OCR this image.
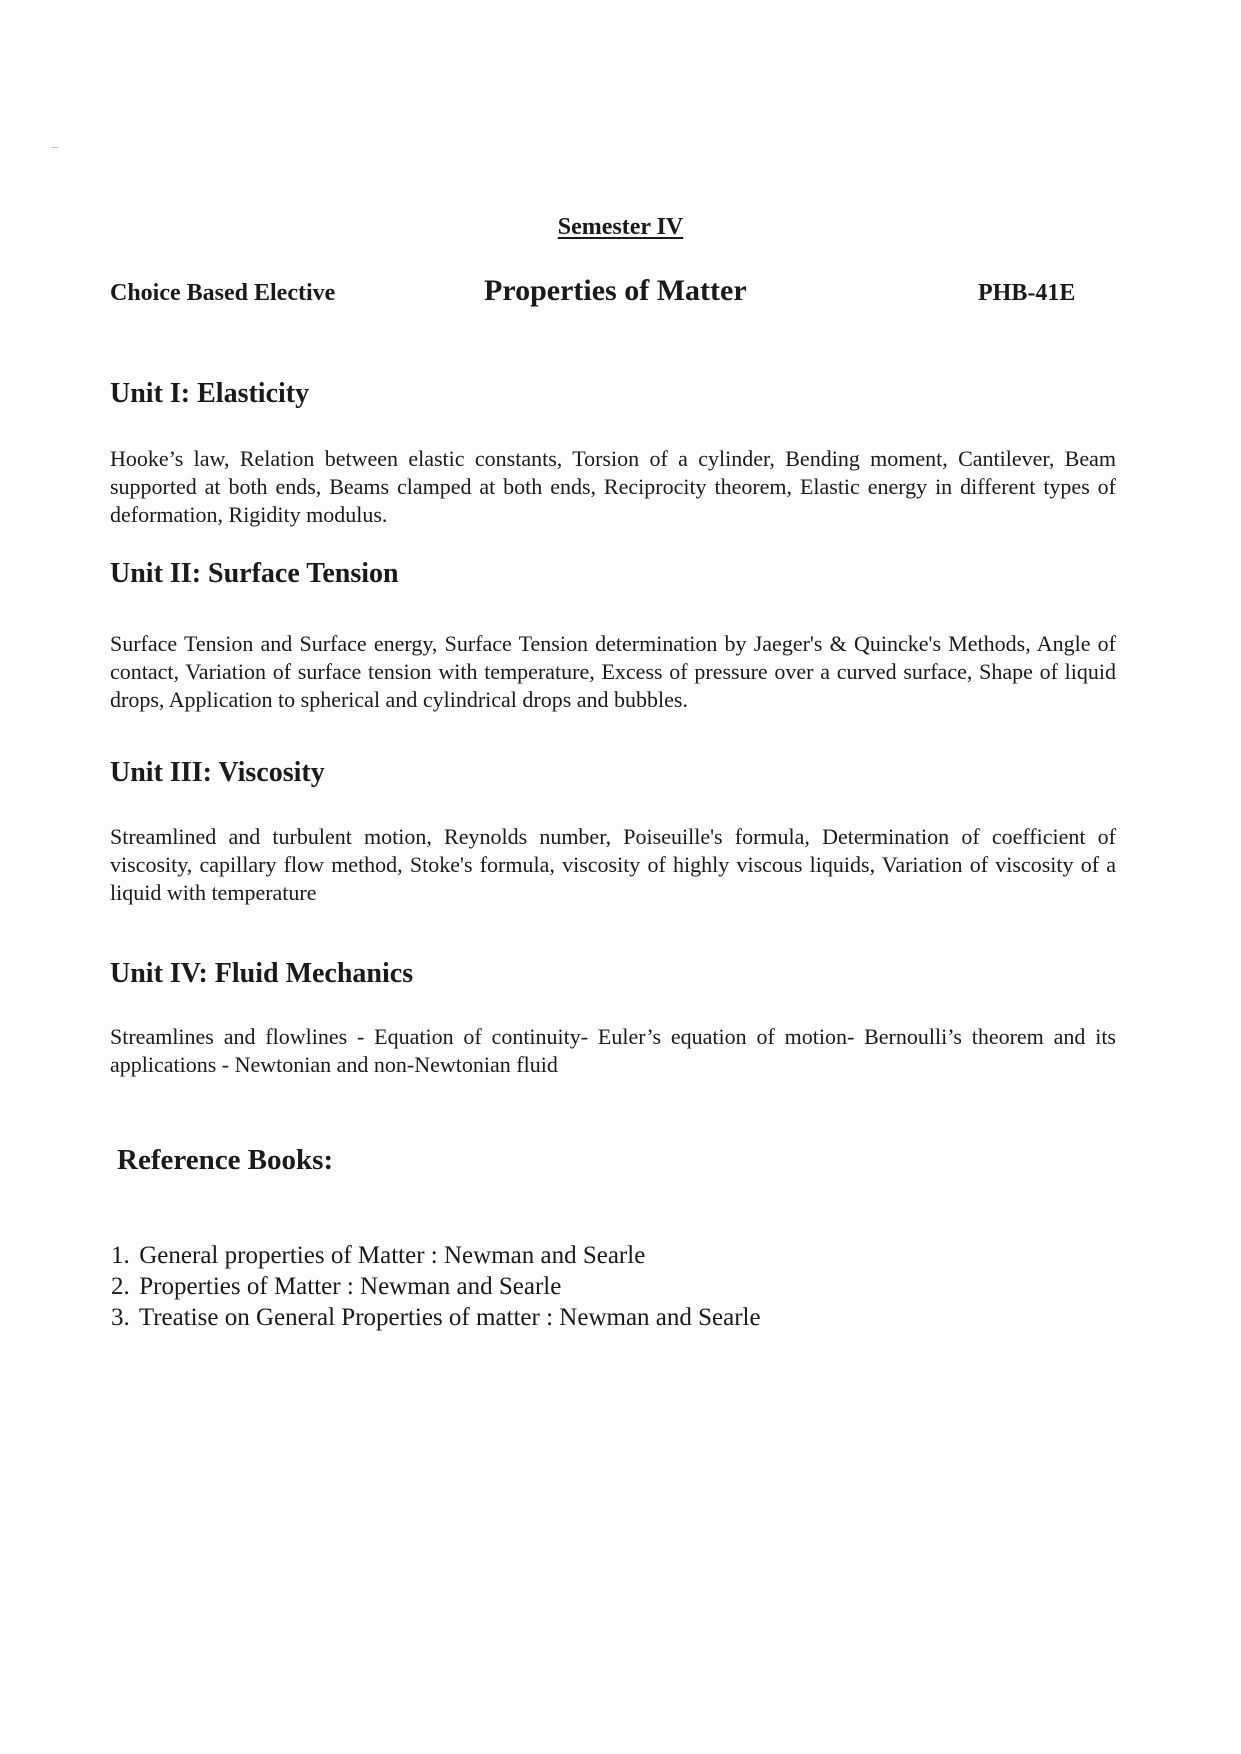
Semester IV
Choice Based Elective	Properties of Matter	PHB-41E
Unit I: Elasticity
Hooke’s law, Relation between elastic constants, Torsion of a cylinder, Bending moment, Cantilever, Beam supported at both ends, Beams clamped at both ends, Reciprocity theorem, Elastic energy in different types of deformation, Rigidity modulus.
Unit II: Surface Tension
Surface Tension and Surface energy, Surface Tension determination by Jaeger's & Quincke's Methods, Angle of contact, Variation of surface tension with temperature, Excess of pressure over a curved surface, Shape of liquid drops, Application to spherical and cylindrical drops and bubbles.
Unit III: Viscosity
Streamlined and turbulent motion, Reynolds number, Poiseuille's formula, Determination of coefficient of viscosity, capillary flow method, Stoke's formula, viscosity of highly viscous liquids, Variation of viscosity of a liquid with temperature
Unit IV: Fluid Mechanics
Streamlines and flowlines - Equation of continuity- Euler’s equation of motion- Bernoulli’s theorem and its applications - Newtonian and non-Newtonian fluid
Reference Books:
1. General properties of Matter : Newman and Searle
2. Properties of Matter : Newman and Searle
3. Treatise on General Properties of matter : Newman and Searle
